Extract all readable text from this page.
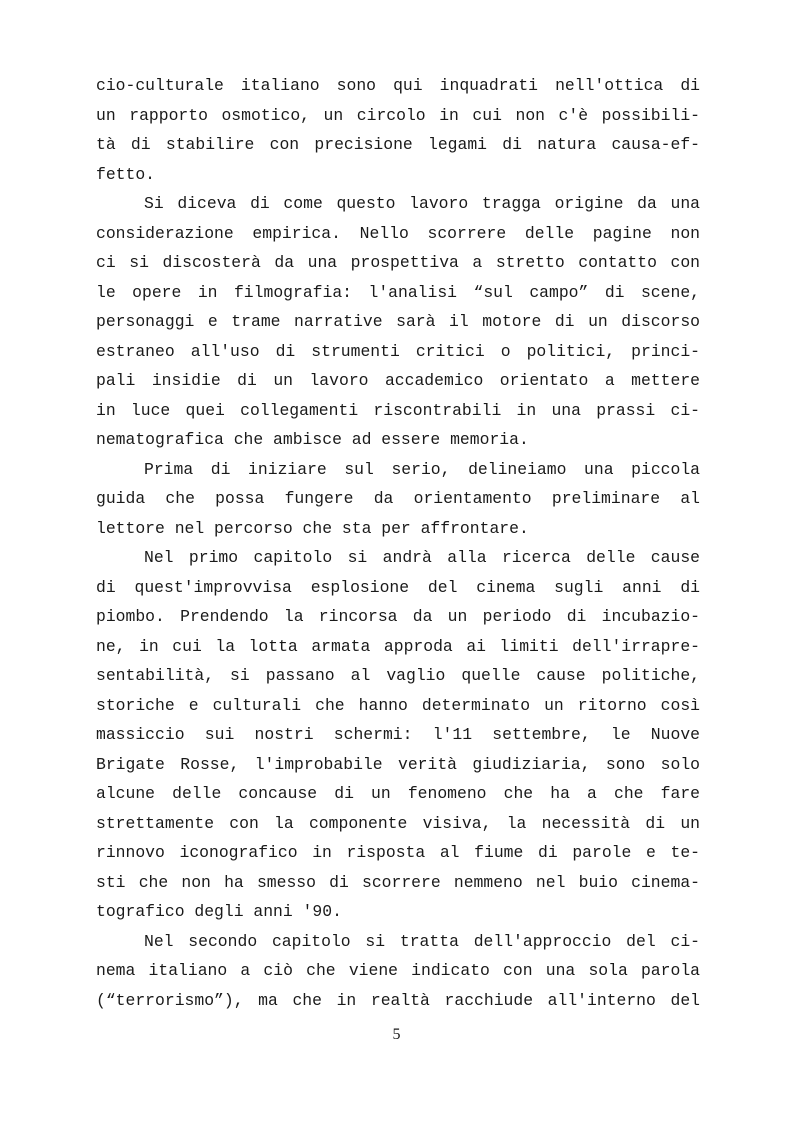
cio-culturale italiano sono qui inquadrati nell'ottica di
un rapporto osmotico, un circolo in cui non c'è possibili-
tà di stabilire con precisione legami di natura causa-ef-
fetto.
Si diceva di come questo lavoro tragga origine da una
considerazione empirica. Nello scorrere delle pagine non
ci si discosterà da una prospettiva a stretto contatto con
le opere in filmografia: l'analisi “sul campo” di scene,
personaggi e trame narrative sarà il motore di un discorso
estraneo all'uso di strumenti critici o politici, princi-
pali insidie di un lavoro accademico orientato a mettere
in luce quei collegamenti riscontrabili in una prassi ci-
nematografica che ambisce ad essere memoria.
Prima di iniziare sul serio, delineiamo una piccola
guida che possa fungere da orientamento preliminare al
lettore nel percorso che sta per affrontare.
Nel primo capitolo si andrà alla ricerca delle cause
di quest'improvvisa esplosione del cinema sugli anni di
piombo. Prendendo la rincorsa da un periodo di incubazio-
ne, in cui la lotta armata approda ai limiti dell'irrapre-
sentabilità, si passano al vaglio quelle cause politiche,
storiche e culturali che hanno determinato un ritorno così
massiccio sui nostri schermi: l'11 settembre, le Nuove
Brigate Rosse, l'improbabile verità giudiziaria, sono solo
alcune delle concause di un fenomeno che ha a che fare
strettamente con la componente visiva, la necessità di un
rinnovo iconografico in risposta al fiume di parole e te-
sti che non ha smesso di scorrere nemmeno nel buio cinema-
tografico degli anni '90.
Nel secondo capitolo si tratta dell'approccio del ci-
nema italiano a ciò che viene indicato con una sola parola
(“terrorismo”), ma che in realtà racchiude all'interno del
5
